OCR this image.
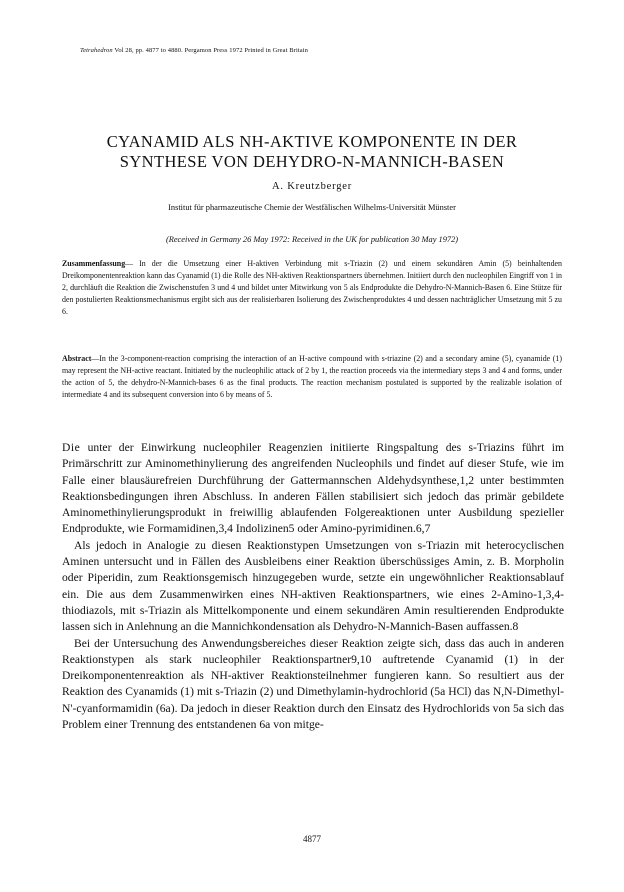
Tetrahedron Vol 28, pp. 4877 to 4880. Pergamon Press 1972 Printed in Great Britain
CYANAMID ALS NH-AKTIVE KOMPONENTE IN DER
SYNTHESE VON DEHYDRO-N-MANNICH-BASEN
A. Kreutzberger
Institut für pharmazeutische Chemie der Westfälischen Wilhelms-Universität Münster
(Received in Germany 26 May 1972: Received in the UK for publication 30 May 1972)
Zusammenfassung— In der die Umsetzung einer H-aktiven Verbindung mit s-Triazin (2) und einem sekundären Amin (5) beinhaltenden Dreikomponentenreaktion kann das Cyanamid (1) die Rolle des NH-aktiven Reaktionspartners übernehmen. Initiiert durch den nucleophilen Eingriff von 1 in 2, durchläuft die Reaktion die Zwischenstufen 3 und 4 und bildet unter Mitwirkung von 5 als Endprodukte die Dehydro-N-Mannich-Basen 6. Eine Stütze für den postulierten Reaktionsmechanismus ergibt sich aus der realisierbaren Isolierung des Zwischenproduktes 4 und dessen nachträglicher Umsetzung mit 5 zu 6.
Abstract—In the 3-component-reaction comprising the interaction of an H-active compound with s-triazine (2) and a secondary amine (5), cyanamide (1) may represent the NH-active reactant. Initiated by the nucleophilic attack of 2 by 1, the reaction proceeds via the intermediary steps 3 and 4 and forms, under the action of 5, the dehydro-N-Mannich-bases 6 as the final products. The reaction mechanism postulated is supported by the realizable isolation of intermediate 4 and its subsequent conversion into 6 by means of 5.

Die unter der Einwirkung nucleophiler Reagenzien initiierte Ringspaltung des s-Triazins führt im Primärschritt zur Aminomethinylierung des angreifenden Nucleophils und findet auf dieser Stufe, wie im Falle einer blausäurefreien Durchführung der Gattermannschen Aldehydsynthese,1,2 unter bestimmten Reaktionsbedingungen ihren Abschluss. In anderen Fällen stabilisiert sich jedoch das primär gebildete Aminomethinylierungsprodukt in freiwillig ablaufenden Folgereaktionen unter Ausbildung spezieller Endprodukte, wie Formamidinen,3,4 Indolizinen5 oder Amino-pyrimidinen.6,7

Als jedoch in Analogie zu diesen Reaktionstypen Umsetzungen von s-Triazin mit heterocyclischen Aminen untersucht und in Fällen des Ausbleibens einer Reaktion überschüssiges Amin, z. B. Morpholin oder Piperidin, zum Reaktionsgemisch hinzugegeben wurde, setzte ein ungewöhnlicher Reaktionsablauf ein. Die aus dem Zusammenwirken eines NH-aktiven Reaktionspartners, wie eines 2-Amino-1,3,4-thiodiazols, mit s-Triazin als Mittelkomponente und einem sekundären Amin resultierenden Endprodukte lassen sich in Anlehnung an die Mannichkondensation als Dehydro-N-Mannich-Basen auffassen.8

Bei der Untersuchung des Anwendungsbereiches dieser Reaktion zeigte sich, dass das auch in anderen Reaktionstypen als stark nucleophiler Reaktionspartner9,10 auftretende Cyanamid (1) in der Dreikomponentenreaktion als NH-aktiver Reaktionsteilnehmer fungieren kann. So resultiert aus der Reaktion des Cyanamids (1) mit s-Triazin (2) und Dimethylamin-hydrochlorid (5a HCl) das N,N-Dimethyl-N'-cyanformamidin (6a). Da jedoch in dieser Reaktion durch den Einsatz des Hydrochlorids von 5a sich das Problem einer Trennung des entstandenen 6a von mitge-

4877
